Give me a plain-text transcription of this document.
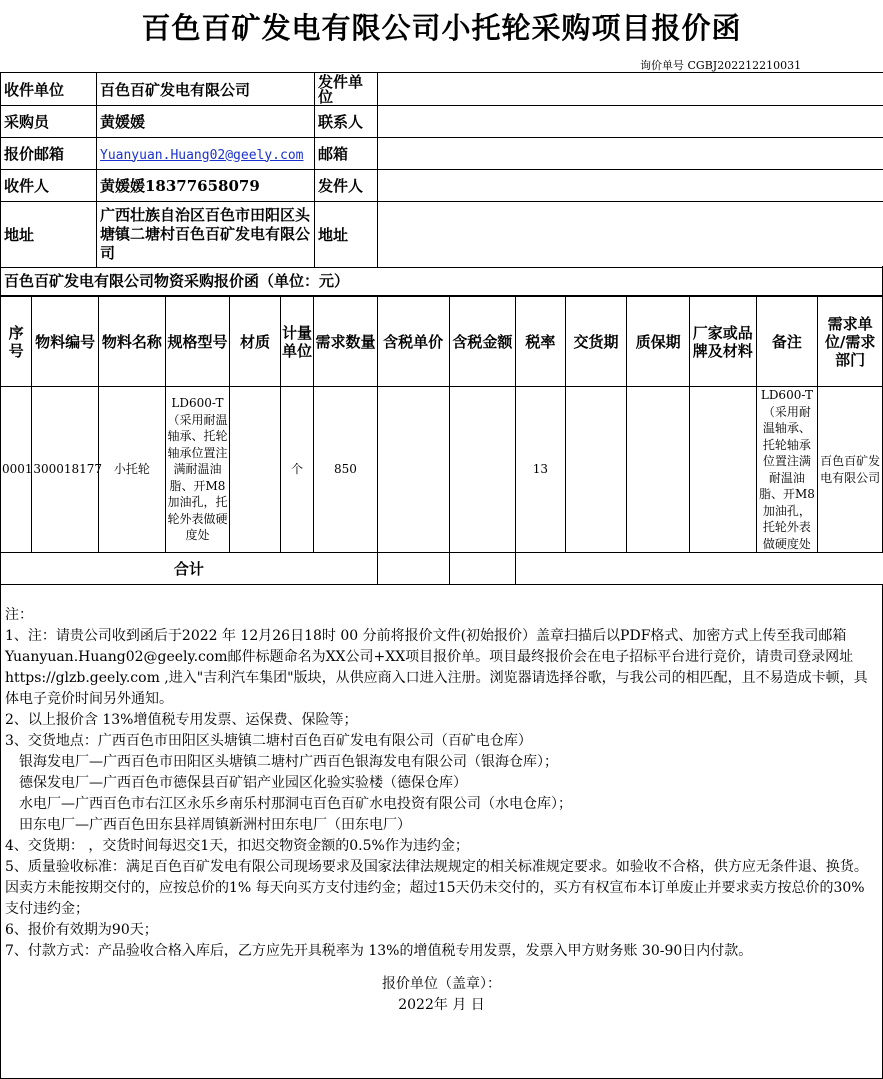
百色百矿发电有限公司小托轮采购项目报价函
询价单号 CGBJ202212210031
收件单位	百色百矿发电有限公司	发件单位	
采购员	黄媛媛	联系人	
报价邮箱	Yuanyuan.Huang02@geely.com	邮箱	
收件人	黄媛媛18377658079	发件人	
地址	广西壮族自治区百色市田阳区头塘镇二塘村百色百矿发电有限公司	地址	
百色百矿发电有限公司物资采购报价函（单位：元）
序号	物料编号	物料名称	规格型号	材质	计量单位	需求数量	含税单价	含税金额	税率	交货期	质保期	厂家或品牌及材料	备注	需求单位/需求部门
0001	300018177	小托轮	LD600-T（采用耐温轴承、托轮轴承位置注满耐温油脂、开M8加油孔，托轮外表做硬度处		个	850			13				LD600-T（采用耐温轴承、托轮轴承位置注满耐温油脂、开M8加油孔，托轮外表做硬度处	百色百矿发电有限公司
合计														

注：

1、注：请贵公司收到函后于2022 年 12月26日18时 00 分前将报价文件(初始报价）盖章扫描后以PDF格式、加密方式上传至我司邮箱Yuanyuan.Huang02@geely.com邮件标题命名为XX公司+XX项目报价单。项目最终报价会在电子招标平台进行竞价，请贵司登录网址https://glzb.geely.com ,进入"吉利汽车集团"版块，从供应商入口进入注册。浏览器请选择谷歌，与我公司的相匹配，且不易造成卡顿，具体电子竞价时间另外通知。

2、以上报价含 13%增值税专用发票、运保费、保险等；

3、交货地点：广西百色市田阳区头塘镇二塘村百色百矿发电有限公司（百矿电仓库）

银海发电厂—广西百色市田阳区头塘镇二塘村广西百色银海发电有限公司（银海仓库）；

德保发电厂—广西百色市德保县百矿铝产业园区化验实验楼（德保仓库）

水电厂—广西百色市右江区永乐乡南乐村那洞屯百色百矿水电投资有限公司（水电仓库）；

田东电厂—广西百色田东县祥周镇新洲村田东电厂（田东电厂）

4、交货期： ，交货时间每迟交1天，扣迟交物资金额的0.5%作为违约金；

5、质量验收标准：满足百色百矿发电有限公司现场要求及国家法律法规规定的相关标准规定要求。如验收不合格，供方应无条件退、换货。因卖方未能按期交付的，应按总价的1% 每天向买方支付违约金；超过15天仍未交付的，买方有权宣布本订单废止并要求卖方按总价的30%支付违约金；

6、报价有效期为90天；

7、付款方式：产品验收合格入库后，乙方应先开具税率为 13%的增值税专用发票，发票入甲方财务账 30-90日内付款。

报价单位（盖章）：

2022年 月 日
